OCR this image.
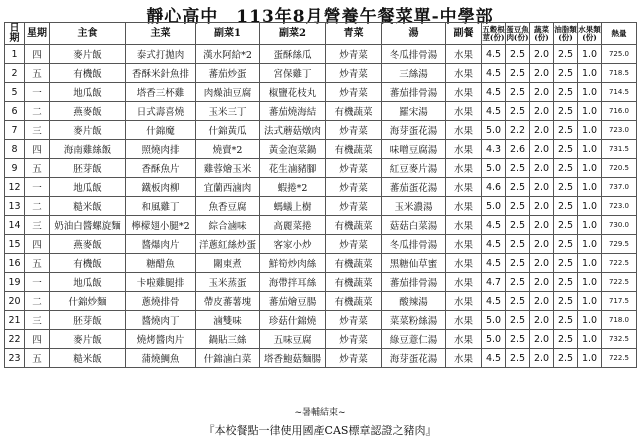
靜心高中　113年8月營養午餐菜單-中學部
日期	星期	主食	主菜	副菜1	副菜2	青菜	湯	副餐	五穀根莖(份)	蛋豆魚肉(份)	蔬菜(份)	油脂類(份)	水果類(份)	熱量
1	四	麥片飯	泰式打拋肉	漢水阿給*2	蛋酥絲瓜	炒青菜	冬瓜排骨湯	水果	4.5	2.5	2.0	2.5	1.0	725.0
2	五	有機飯	香酥米針魚排	蕃茄炒蛋	宮保雞丁	炒青菜	三絲湯	水果	4.5	2.5	2.0	2.5	1.0	718.5
5	一	地瓜飯	塔香三杯雞	肉燥油豆腐	椒鹽花枝丸	炒青菜	蕃茄排骨湯	水果	4.5	2.5	2.0	2.5	1.0	714.5
6	二	燕麥飯	日式壽喜燒	玉米三丁	蕃茄燒海結	有機蔬菜	羅宋湯	水果	4.5	2.5	2.0	2.5	1.0	716.0
7	三	麥片飯	什錦魔	什錦黃瓜	法式蘑菇燉肉	炒青菜	海芽蛋花湯	水果	5.0	2.2	2.0	2.5	1.0	723.0
8	四	海南雞絲飯	照燒肉排	燒賣*2	黃金泡菜鍋	有機蔬菜	味噌豆腐湯	水果	4.3	2.6	2.0	2.5	1.0	731.5
9	五	胚芽飯	香酥魚片	雞蓉燴玉米	花生滷豬腳	炒青菜	紅豆麥片湯	水果	5.0	2.5	2.0	2.5	1.0	720.5
12	一	地瓜飯	鐵板肉柳	宜蘭西滷肉	蝦捲*2	炒青菜	蕃茄蛋花湯	水果	4.6	2.5	2.0	2.5	1.0	737.0
13	二	糙米飯	和風雞丁	魚香豆腐	螞蟻上樹	炒青菜	玉米濃湯	水果	5.0	2.5	2.0	2.5	1.0	723.0
14	三	奶油白醬螺旋麵	檸檬翅小腿*2	綜合滷味	高麗菜捲	有機蔬菜	菇菇白菜湯	水果	4.5	2.5	2.0	2.5	1.0	730.0
15	四	燕麥飯	醬爆肉片	洋蔥紅絲炒蛋	客家小炒	炒青菜	冬瓜排骨湯	水果	4.5	2.5	2.0	2.5	1.0	729.5
16	五	有機飯	糖醋魚	關東煮	鮮筍炒肉絲	有機蔬菜	黑糖仙草蜜	水果	4.5	2.5	2.0	2.5	1.0	722.5
19	一	地瓜飯	卡啦雞腿排	玉米蒸蛋	海帶拌耳絲	有機蔬菜	蕃茄排骨湯	水果	4.7	2.5	2.0	2.5	1.0	722.5
20	二	什錦炒麵	蔥燒排骨	帶皮蕃薯塊	蕃茄燴豆腸	有機蔬菜	酸辣湯	水果	4.5	2.5	2.0	2.5	1.0	717.5
21	三	胚芽飯	醬燒肉丁	滷雙味	珍菇什錦燒	炒青菜	菜菜粉絲湯	水果	5.0	2.5	2.0	2.5	1.0	718.0
22	四	麥片飯	燒烤醬肉片	鍋貼三絲	五味豆腐	炒青菜	綠豆薏仁湯	水果	5.0	2.5	2.0	2.5	1.0	732.5
23	五	糙米飯	蒲燒鯛魚	什錦滷白菜	塔香鮑菇麵腸	炒青菜	海芽蛋花湯	水果	4.5	2.5	2.0	2.5	1.0	722.5
~暑輔結束~
『本校餐點一律使用國產CAS標章認證之豬肉』
